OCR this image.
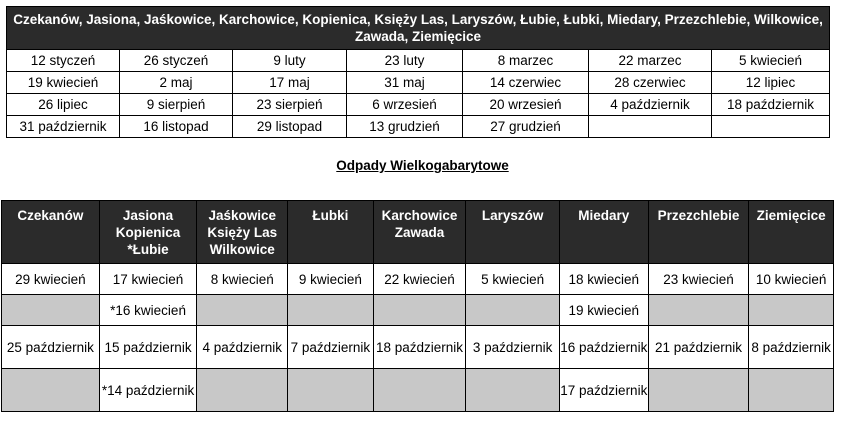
Czekanów, Jasiona, Jaśkowice, Karchowice, Kopienica, Księży Las, Laryszów, Łubie, Łubki, Miedary, Przezchlebie, Wilkowice, Zawada, Ziemięcice						
12 styczeń	26 styczeń	9 luty	23 luty	8 marzec	22 marzec	5 kwiecień
19 kwiecień	2 maj	17 maj	31 maj	14 czerwiec	28 czerwiec	12 lipiec
26 lipiec	9 sierpień	23 sierpień	6 wrzesień	20 wrzesień	4 październik	18 październik
31 październik	16 listopad	29 listopad	13 grudzień	27 grudzień		
Odpady Wielkogabarytowe
Czekanów	Jasiona Kopienica *Łubie	Jaśkowice Księży Las Wilkowice	Łubki	Karchowice Zawada	Laryszów	Miedary	Przezchlebie	Ziemięcice
29 kwiecień	17 kwiecień	8 kwiecień	9 kwiecień	22 kwiecień	5 kwiecień	18 kwiecień	23 kwiecień	10 kwiecień
	*16 kwiecień					19 kwiecień		
25 październik	15 październik	4 październik	7 październik	18 październik	3 październik	16 październik	21 październik	8 październik
	*14 październik					17 październik		
